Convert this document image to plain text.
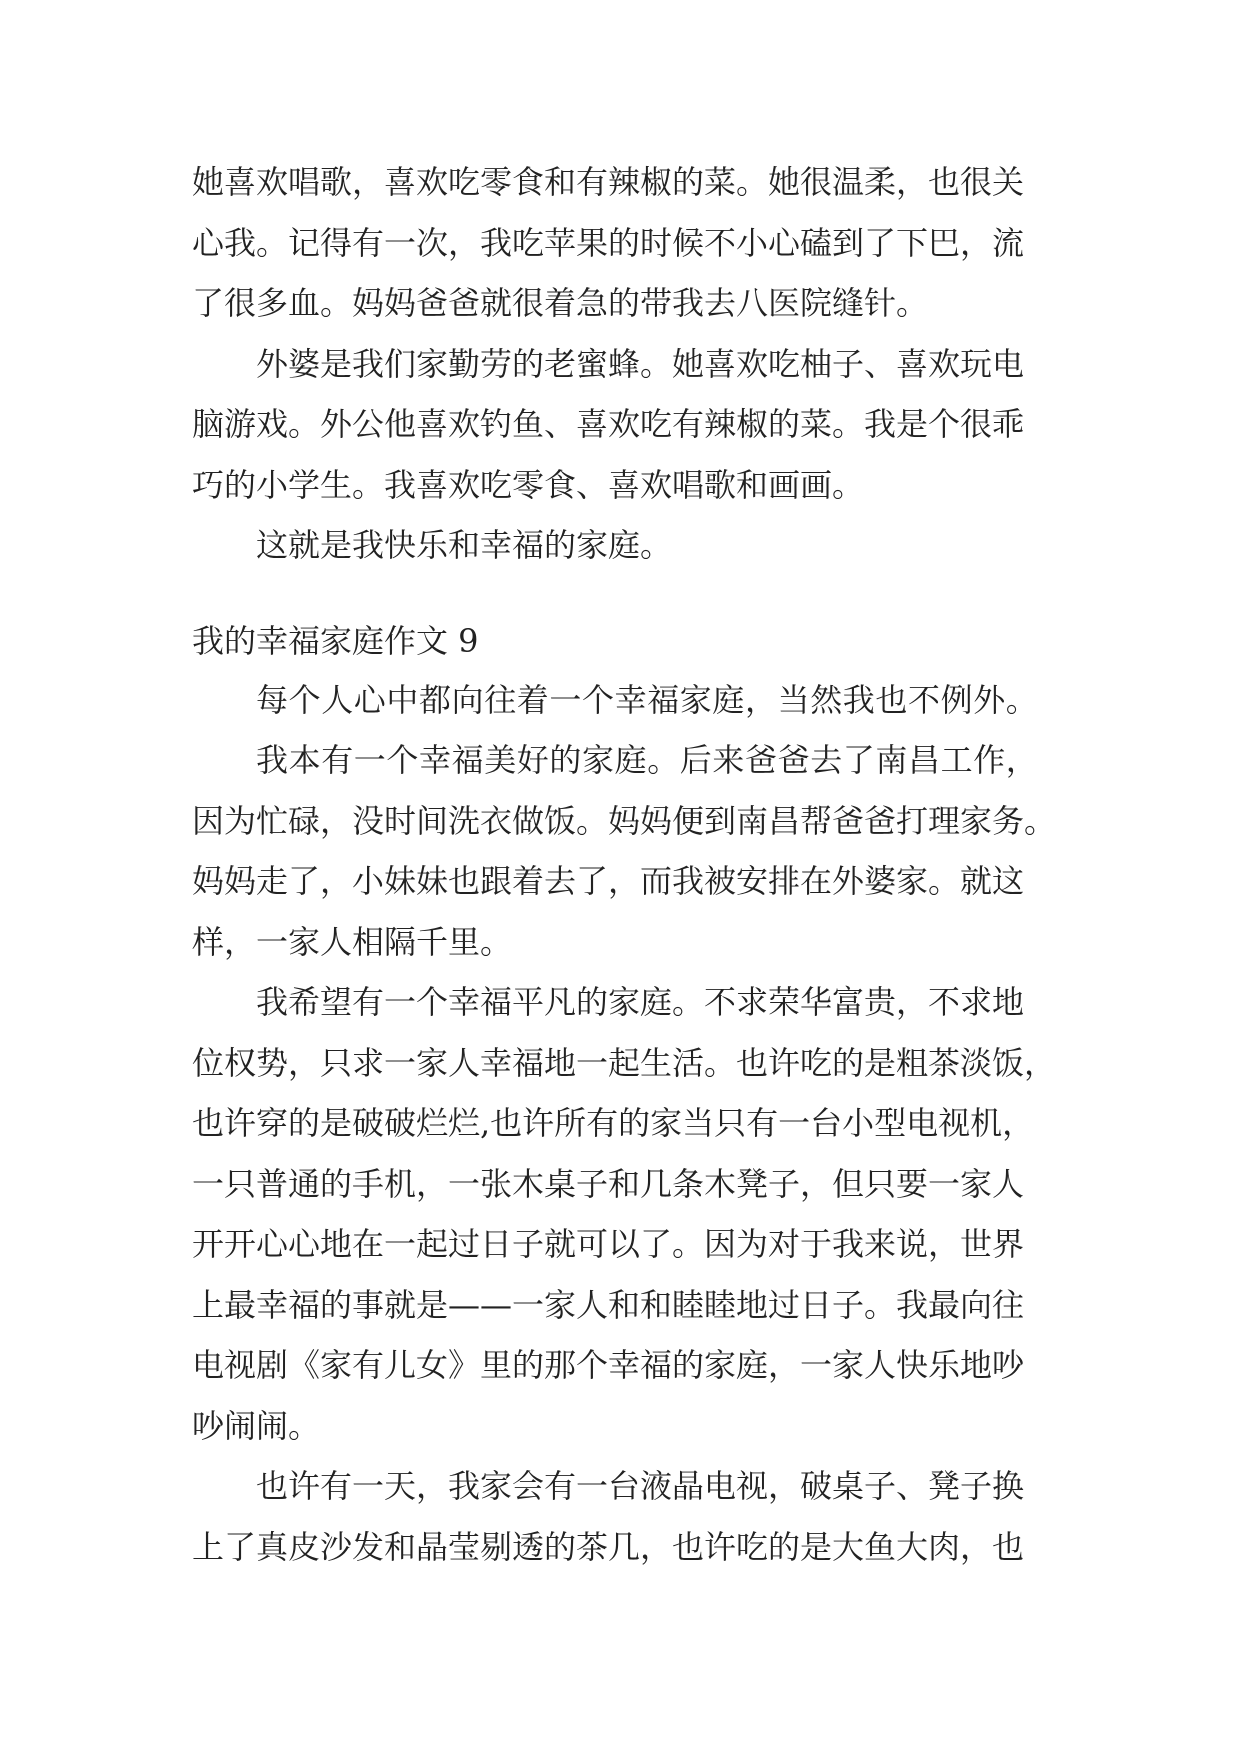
她喜欢唱歌，喜欢吃零食和有辣椒的菜。她很温柔，也很关
心我。记得有一次，我吃苹果的时候不小心磕到了下巴，流
了很多血。妈妈爸爸就很着急的带我去八医院缝针。
外婆是我们家勤劳的老蜜蜂。她喜欢吃柚子、喜欢玩电
脑游戏。外公他喜欢钓鱼、喜欢吃有辣椒的菜。我是个很乖
巧的小学生。我喜欢吃零食、喜欢唱歌和画画。
这就是我快乐和幸福的家庭。
我的幸福家庭作文 9
每个人心中都向往着一个幸福家庭，当然我也不例外。
我本有一个幸福美好的家庭。后来爸爸去了南昌工作，
因为忙碌，没时间洗衣做饭。妈妈便到南昌帮爸爸打理家务。
妈妈走了，小妹妹也跟着去了，而我被安排在外婆家。就这
样，一家人相隔千里。
我希望有一个幸福平凡的家庭。不求荣华富贵，不求地
位权势，只求一家人幸福地一起生活。也许吃的是粗茶淡饭，
也许穿的是破破烂烂,也许所有的家当只有一台小型电视机，
一只普通的手机，一张木桌子和几条木凳子，但只要一家人
开开心心地在一起过日子就可以了。因为对于我来说，世界
上最幸福的事就是——一家人和和睦睦地过日子。我最向往
电视剧《家有儿女》里的那个幸福的家庭，一家人快乐地吵
吵闹闹。
也许有一天，我家会有一台液晶电视，破桌子、凳子换
上了真皮沙发和晶莹剔透的茶几，也许吃的是大鱼大肉，也
